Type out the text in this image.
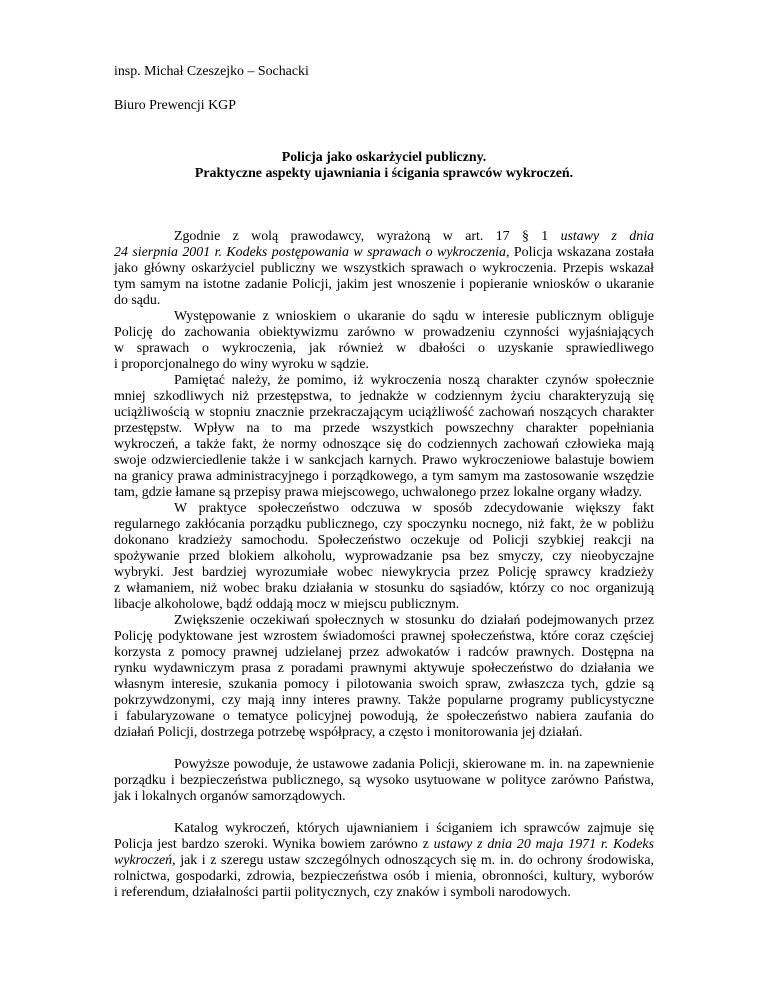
insp. Michał Czeszejko – Sochacki

Biuro Prewencji KGP

Policja jako oskarżyciel publiczny.
Praktyczne aspekty ujawniania i ścigania sprawców wykroczeń.
Zgodnie z wolą prawodawcy, wyrażoną w art. 17 § 1 ustawy z dnia
24 sierpnia 2001 r. Kodeks postępowania w sprawach o wykroczenia, Policja wskazana została
jako główny oskarżyciel publiczny we wszystkich sprawach o wykroczenia. Przepis wskazał
tym samym na istotne zadanie Policji, jakim jest wnoszenie i popieranie wniosków o ukaranie
do sądu.
Występowanie z wnioskiem o ukaranie do sądu w interesie publicznym obliguje
Policję do zachowania obiektywizmu zarówno w prowadzeniu czynności wyjaśniających
w sprawach o wykroczenia, jak również w dbałości o uzyskanie sprawiedliwego
i proporcjonalnego do winy wyroku w sądzie.
Pamiętać należy, że pomimo, iż wykroczenia noszą charakter czynów społecznie
mniej szkodliwych niż przestępstwa, to jednakże w codziennym życiu charakteryzują się
uciążliwością w stopniu znacznie przekraczającym uciążliwość zachowań noszących charakter
przestępstw. Wpływ na to ma przede wszystkich powszechny charakter popełniania
wykroczeń, a także fakt, że normy odnoszące się do codziennych zachowań człowieka mają
swoje odzwierciedlenie także i w sankcjach karnych. Prawo wykroczeniowe balastuje bowiem
na granicy prawa administracyjnego i porządkowego, a tym samym ma zastosowanie wszędzie
tam, gdzie łamane są przepisy prawa miejscowego, uchwalonego przez lokalne organy władzy.
W praktyce społeczeństwo odczuwa w sposób zdecydowanie większy fakt
regularnego zakłócania porządku publicznego, czy spoczynku nocnego, niż fakt, że w pobliżu
dokonano kradzieży samochodu. Społeczeństwo oczekuje od Policji szybkiej reakcji na
spożywanie przed blokiem alkoholu, wyprowadzanie psa bez smyczy, czy nieobyczajne
wybryki. Jest bardziej wyrozumiałe wobec niewykrycia przez Policję sprawcy kradzieży
z włamaniem, niż wobec braku działania w stosunku do sąsiadów, którzy co noc organizują
libacje alkoholowe, bądź oddają mocz w miejscu publicznym.
Zwiększenie oczekiwań społecznych w stosunku do działań podejmowanych przez
Policję podyktowane jest wzrostem świadomości prawnej społeczeństwa, które coraz częściej
korzysta z pomocy prawnej udzielanej przez adwokatów i radców prawnych. Dostępna na
rynku wydawniczym prasa z poradami prawnymi aktywuje społeczeństwo do działania we
własnym interesie, szukania pomocy i pilotowania swoich spraw, zwłaszcza tych, gdzie są
pokrzywdzonymi, czy mają inny interes prawny. Także popularne programy publicystyczne
i fabularyzowane o tematyce policyjnej powodują, że społeczeństwo nabiera zaufania do
działań Policji, dostrzega potrzebę współpracy, a często i monitorowania jej działań.
Powyższe powoduje, że ustawowe zadania Policji, skierowane m. in. na zapewnienie
porządku i bezpieczeństwa publicznego, są wysoko usytuowane w polityce zarówno Państwa,
jak i lokalnych organów samorządowych.
Katalog wykroczeń, których ujawnianiem i ściganiem ich sprawców zajmuje się
Policja jest bardzo szeroki. Wynika bowiem zarówno z ustawy z dnia 20 maja 1971 r. Kodeks
wykroczeń, jak i z szeregu ustaw szczególnych odnoszących się m. in. do ochrony środowiska,
rolnictwa, gospodarki, zdrowia, bezpieczeństwa osób i mienia, obronności, kultury, wyborów
i referendum, działalności partii politycznych, czy znaków i symboli narodowych.
